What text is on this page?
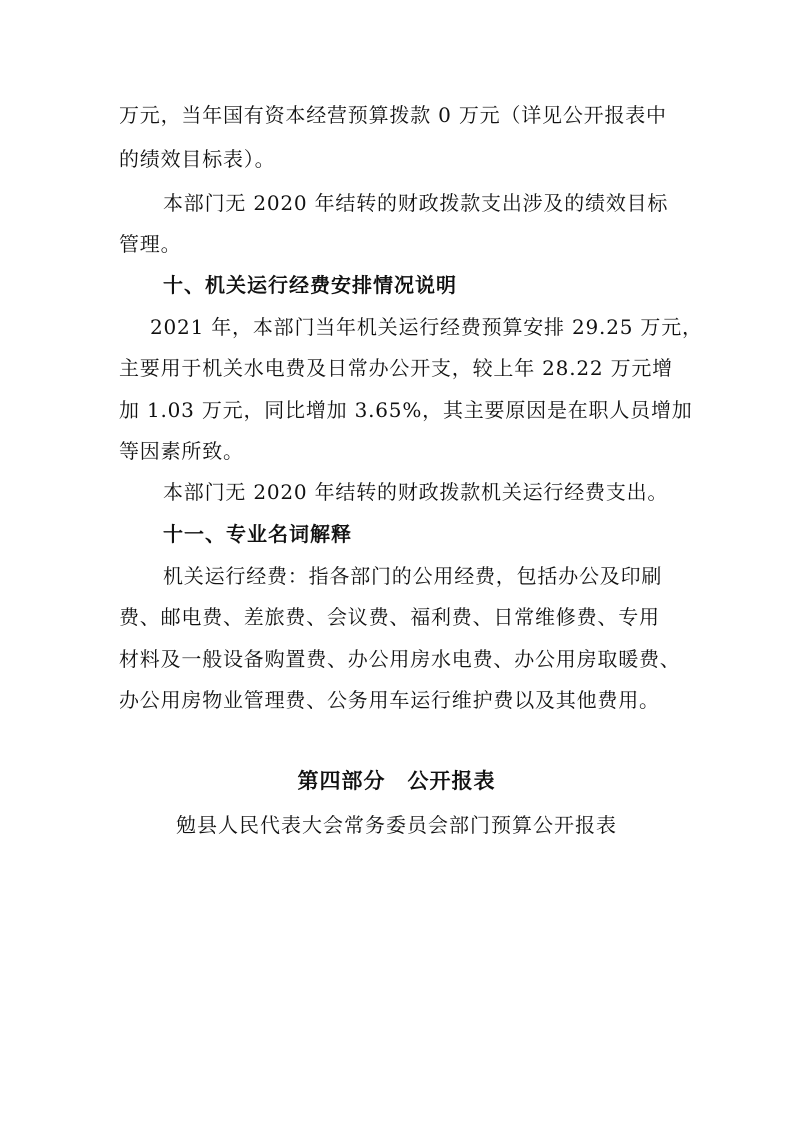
万元，当年国有资本经营预算拨款 0 万元（详见公开报表中
的绩效目标表）。
本部门无 2020 年结转的财政拨款支出涉及的绩效目标
管理。
十、机关运行经费安排情况说明
2021 年，本部门当年机关运行经费预算安排 29.25 万元，
主要用于机关水电费及日常办公开支，较上年 28.22 万元增
加 1.03 万元，同比增加 3.65%，其主要原因是在职人员增加
等因素所致。
本部门无 2020 年结转的财政拨款机关运行经费支出。
十一、专业名词解释
机关运行经费：指各部门的公用经费，包括办公及印刷
费、邮电费、差旅费、会议费、福利费、日常维修费、专用
材料及一般设备购置费、办公用房水电费、办公用房取暖费、
办公用房物业管理费、公务用车运行维护费以及其他费用。
第四部分　公开报表
勉县人民代表大会常务委员会部门预算公开报表
